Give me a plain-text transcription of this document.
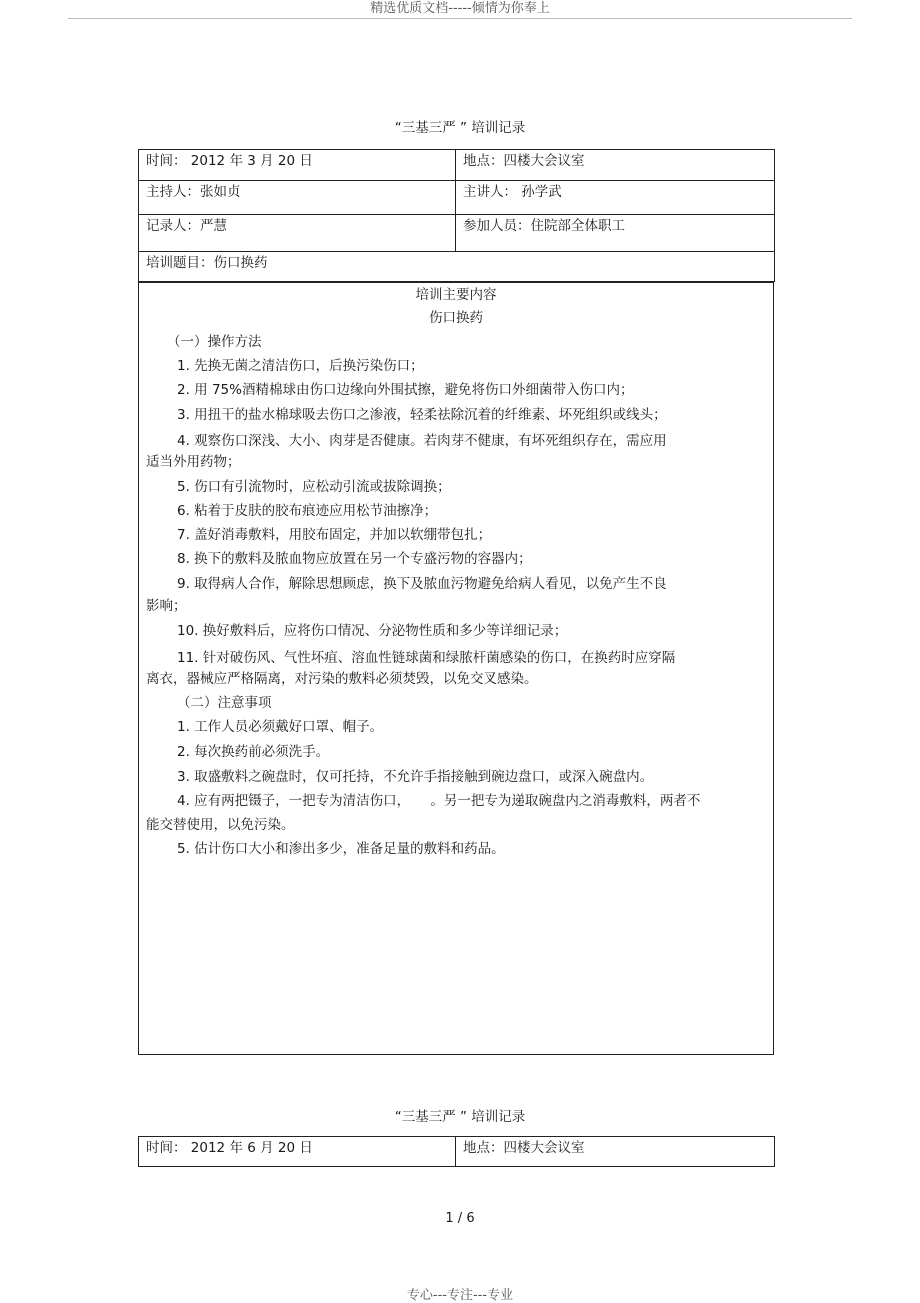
精选优质文档-----倾情为你奉上
“三基三严 ” 培训记录
时间： 2012 年 3 月 20 日	地点：四楼大会议室
主持人：张如贞	主讲人： 孙学武
记录人：严慧	参加人员：住院部全体职工
培训题目：伤口换药	
培训主要内容
伤口换药
（一）操作方法
1. 先换无菌之清洁伤口，后换污染伤口；
2. 用 75%酒精棉球由伤口边缘向外围拭擦，避免将伤口外细菌带入伤口内；
3. 用扭干的盐水棉球吸去伤口之渗液，轻柔祛除沉着的纤维素、坏死组织或线头；
4. 观察伤口深浅、大小、肉芽是否健康。若肉芽不健康，有坏死组织存在，需应用
适当外用药物；
5. 伤口有引流物时，应松动引流或拔除调换；
6. 粘着于皮肤的胶布痕迹应用松节油擦净；
7. 盖好消毒敷料，用胶布固定，并加以软绷带包扎；
8. 换下的敷料及脓血物应放置在另一个专盛污物的容器内；
9. 取得病人合作，解除思想顾虑，换下及脓血污物避免给病人看见，以免产生不良
影响；
10. 换好敷料后，应将伤口情况、分泌物性质和多少等详细记录；
11. 针对破伤风、气性坏疽、溶血性链球菌和绿脓杆菌感染的伤口，在换药时应穿隔
离衣，器械应严格隔离，对污染的敷料必须焚毁，以免交叉感染。
（二）注意事项
1. 工作人员必须戴好口罩、帽子。
2. 每次换药前必须洗手。
3. 取盛敷料之碗盘时，仅可托持，不允许手指接触到碗边盘口，或深入碗盘内。
4. 应有两把镊子，一把专为清洁伤口，　　。另一把专为递取碗盘内之消毒敷料，两者不
能交替使用，以免污染。
5. 估计伤口大小和渗出多少，准备足量的敷料和药品。
“三基三严 ” 培训记录
时间： 2012 年 6 月 20 日	地点：四楼大会议室
1 / 6
专心---专注---专业
